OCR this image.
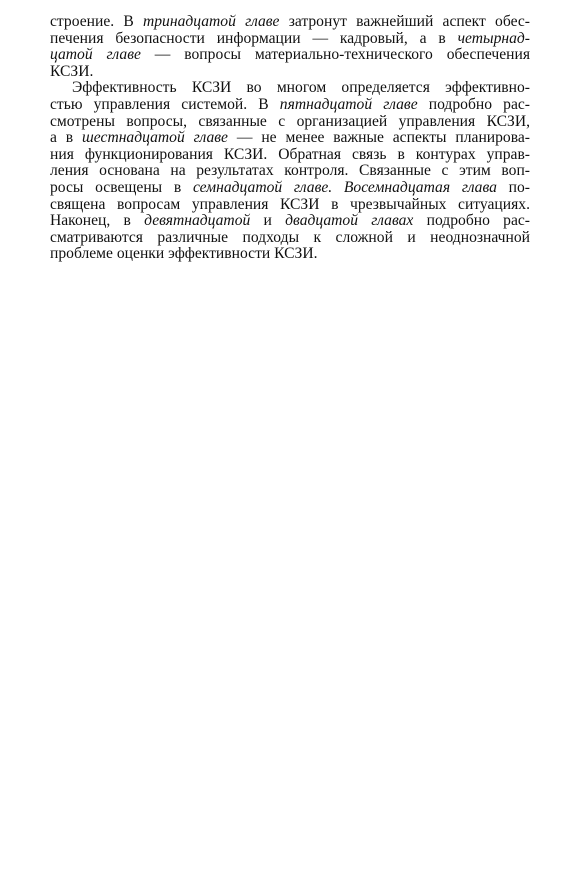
строение. В тринадцатой главе затронут важнейший аспект обес-
печения безопасности информации — кадровый, а в четырнад-
цатой главе — вопросы материально-технического обеспечения
КСЗИ.
Эффективность КСЗИ во многом определяется эффективно-
стью управления системой. В пятнадцатой главе подробно рас-
смотрены вопросы, связанные с организацией управления КСЗИ,
а в шестнадцатой главе — не менее важные аспекты планирова-
ния функционирования КСЗИ. Обратная связь в контурах управ-
ления основана на результатах контроля. Связанные с этим воп-
росы освещены в семнадцатой главе. Восемнадцатая глава по-
священа вопросам управления КСЗИ в чрезвычайных ситуациях.
Наконец, в девятнадцатой и двадцатой главах подробно рас-
сматриваются различные подходы к сложной и неоднозначной
проблеме оценки эффективности КСЗИ.
